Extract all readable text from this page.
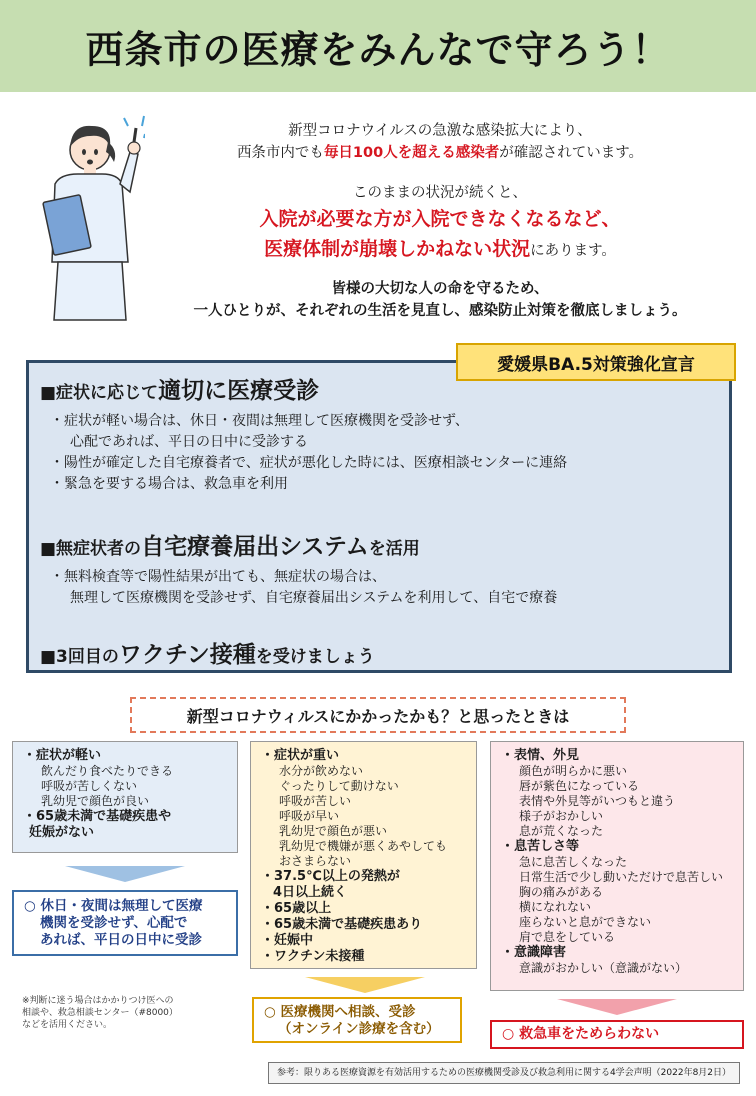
西条市の医療をみんなで守ろう！

新型コロナウイルスの急激な感染拡大により、

西条市内でも毎日100人を超える感染者が確認されています。

このままの状況が続くと、

入院が必要な方が入院できなくなるなど、

医療体制が崩壊しかねない状況にあります。

皆様の大切な人の命を守るため、

一人ひとりが、それぞれの生活を見直し、感染防止対策を徹底しましょう。

愛媛県BA.5対策強化宣言
■症状に応じて適切に医療受診
・症状が軽い場合は、休日・夜間は無理して医療機関を受診せず、
心配であれば、平日の日中に受診する
・陽性が確定した自宅療養者で、症状が悪化した時には、医療相談センターに連絡
・緊急を要する場合は、救急車を利用
■無症状者の自宅療養届出システムを活用
・無料検査等で陽性結果が出ても、無症状の場合は、
無理して医療機関を受診せず、自宅療養届出システムを利用して、自宅で療養
■3回目のワクチン接種を受けましょう
新型コロナウィルスにかかったかも？と思ったときは
・症状が軽い
飲んだり食べたりできる
呼吸が苦しくない
乳幼児で顔色が良い
・65歳未満で基礎疾患や
妊娠がない
・症状が重い
水分が飲めない
ぐったりして動けない
呼吸が苦しい
呼吸が早い
乳幼児で顔色が悪い
乳幼児で機嫌が悪くあやしても
おさまらない
・37.5℃以上の発熱が
4日以上続く
・65歳以上
・65歳未満で基礎疾患あり
・妊娠中
・ワクチン未接種
・表情、外見
顔色が明らかに悪い
唇が紫色になっている
表情や外見等がいつもと違う
様子がおかしい
息が荒くなった
・息苦しさ等
急に息苦しくなった
日常生活で少し動いただけで息苦しい
胸の痛みがある
横になれない
座らないと息ができない
肩で息をしている
・意識障害
意識がおかしい（意識がない）
○ 休日・夜間は無理して医療
機関を受診せず、心配で
あれば、平日の日中に受診
○ 医療機関へ相談、受診
（オンライン診療を含む）	○ 救急車をためらわない
※判断に迷う場合はかかりつけ医への
相談や、救急相談センター（#8000）
などを活用ください。
参考：限りある医療資源を有効活用するための医療機関受診及び救急利用に関する4学会声明（2022年8月2日）
